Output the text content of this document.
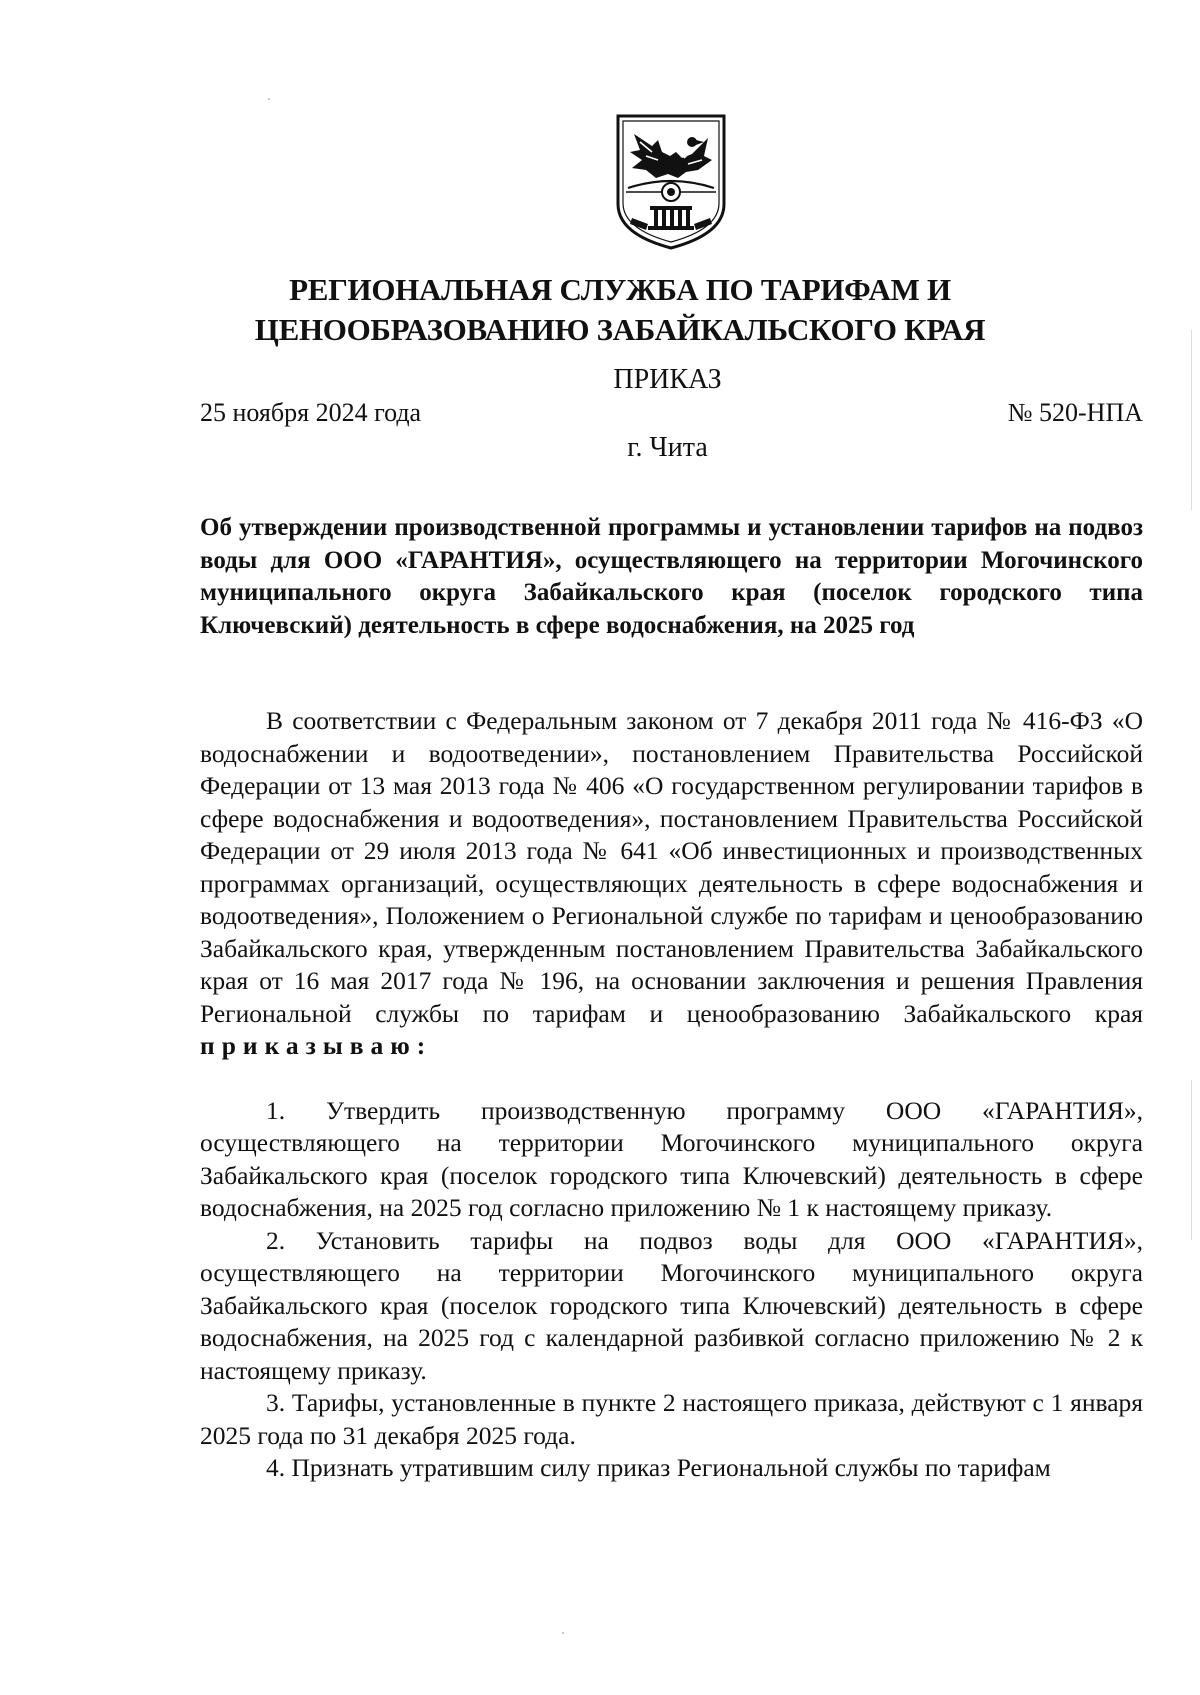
РЕГИОНАЛЬНАЯ СЛУЖБА ПО ТАРИФАМ И
ЦЕНООБРАЗОВАНИЮ ЗАБАЙКАЛЬСКОГО КРАЯ
ПРИКАЗ
25 ноября 2024 года	№ 520-НПА
г. Чита
Об утверждении производственной программы и установлении тарифов на подвоз воды для ООО «ГАРАНТИЯ», осуществляющего на территории Могочинского муниципального округа Забайкальского края (поселок городского типа Ключевский) деятельность в сфере водоснабжения, на 2025 год

В соответствии с Федеральным законом от 7 декабря 2011 года № 416-ФЗ «О водоснабжении и водоотведении», постановлением Правительства Российской Федерации от 13 мая 2013 года № 406 «О государственном регулировании тарифов в сфере водоснабжения и водоотведения», постановлением Правительства Российской Федерации от 29 июля 2013 года № 641 «Об инвестиционных и производственных программах организаций, осуществляющих деятельность в сфере водоснабжения и водоотведения», Положением о Региональной службе по тарифам и ценообразованию Забайкальского края, утвержденным постановлением Правительства Забайкальского края от 16 мая 2017 года № 196, на основании заключения и решения Правления Региональной службы по тарифам и ценообразованию Забайкальского края приказываю:

1. Утвердить производственную программу ООО «ГАРАНТИЯ», осуществляющего на территории Могочинского муниципального округа Забайкальского края (поселок городского типа Ключевский) деятельность в сфере водоснабжения, на 2025 год согласно приложению № 1 к настоящему приказу.

2. Установить тарифы на подвоз воды для ООО «ГАРАНТИЯ», осуществляющего на территории Могочинского муниципального округа Забайкальского края (поселок городского типа Ключевский) деятельность в сфере водоснабжения, на 2025 год с календарной разбивкой согласно приложению № 2 к настоящему приказу.

3. Тарифы, установленные в пункте 2 настоящего приказа, действуют с 1 января 2025 года по 31 декабря 2025 года.

4. Признать утратившим силу приказ Региональной службы по тарифам
